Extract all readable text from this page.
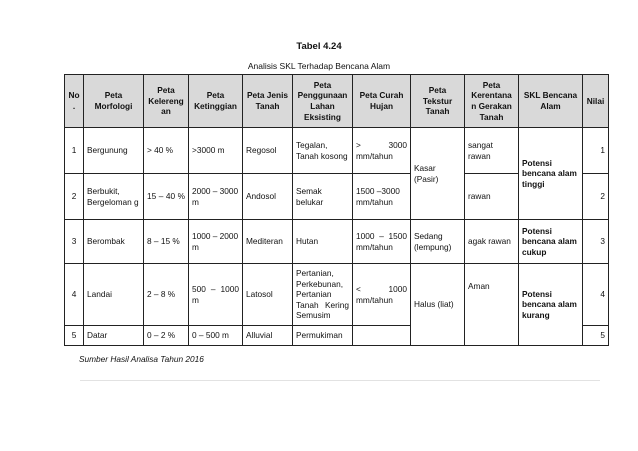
Tabel 4.24
Analisis SKL Terhadap Bencana Alam
No .	Peta Morfologi	Peta Kelereng an	Peta Ketinggian	Peta Jenis Tanah	Peta Penggunaan Lahan Eksisting	Peta Curah Hujan	Peta Tekstur Tanah	Peta Kerentana n Gerakan Tanah	SKL Bencana Alam	Nilai
1	Bergunung	> 40 %	>3000 m	Regosol	Tegalan, Tanah kosong	> 3000 mm/tahun	Kasar (Pasir)	sangat rawan	Potensi bencana alam tinggi	1
2	Berbukit, Bergeloman g	15 – 40 %	2000 – 3000 m	Andosol	Semak belukar	1500 –3000 mm/tahun		rawan		2
3	Berombak	8 – 15 %	1000 – 2000 m	Mediteran	Hutan	1000 – 1500 mm/tahun	Sedang (lempung)	agak rawan	Potensi bencana alam cukup	3
4	Landai	2 – 8 %	500 – 1000 m	Latosol	Pertanian, Perkebunan, Pertanian Tanah Kering Semusim	< 1000 mm/tahun	Halus (liat)	Aman	Potensi bencana alam kurang	4
5	Datar	0 – 2 %	0 – 500 m	Alluvial	Permukiman					5
Sumber Hasil Analisa Tahun 2016
